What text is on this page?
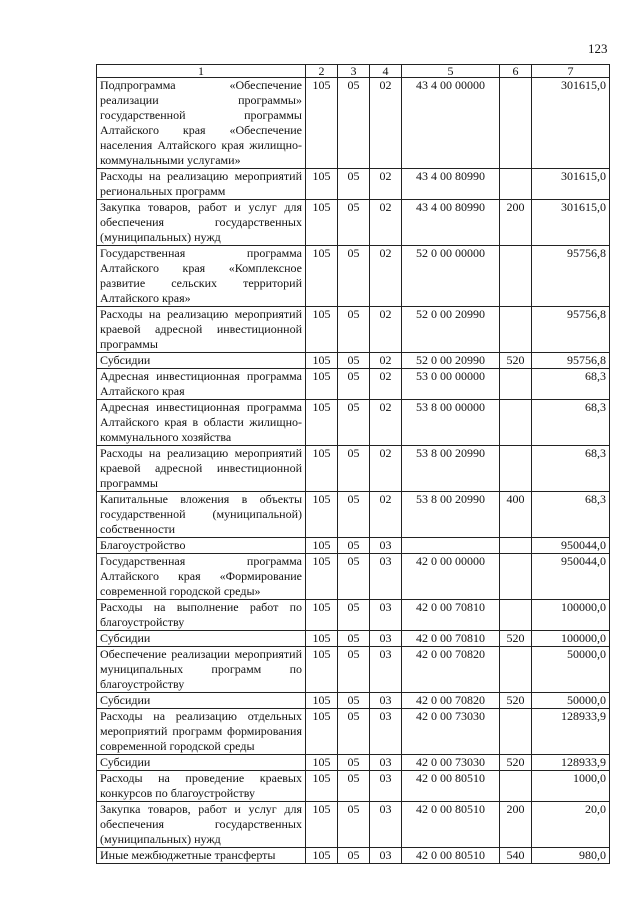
123
1	2	3	4	5	6	7
Подпрограмма «Обеспечение реализации программы» государственной программы Алтайского края «Обеспечение населения Алтайского края жилищно-коммунальными услугами»	105	05	02	43 4 00 00000		301615,0
Расходы на реализацию мероприятий региональных программ	105	05	02	43 4 00 80990		301615,0
Закупка товаров, работ и услуг для обеспечения государственных (муниципальных) нужд	105	05	02	43 4 00 80990	200	301615,0
Государственная программа Алтайского края «Комплексное развитие сельских территорий Алтайского края»	105	05	02	52 0 00 00000		95756,8
Расходы на реализацию мероприятий краевой адресной инвестиционной программы	105	05	02	52 0 00 20990		95756,8
Субсидии	105	05	02	52 0 00 20990	520	95756,8
Адресная инвестиционная программа Алтайского края	105	05	02	53 0 00 00000		68,3
Адресная инвестиционная программа Алтайского края в области жилищно-коммунального хозяйства	105	05	02	53 8 00 00000		68,3
Расходы на реализацию мероприятий краевой адресной инвестиционной программы	105	05	02	53 8 00 20990		68,3
Капитальные вложения в объекты государственной (муниципальной) собственности	105	05	02	53 8 00 20990	400	68,3
Благоустройство	105	05	03			950044,0
Государственная программа Алтайского края «Формирование современной городской среды»	105	05	03	42 0 00 00000		950044,0
Расходы на выполнение работ по благоустройству	105	05	03	42 0 00 70810		100000,0
Субсидии	105	05	03	42 0 00 70810	520	100000,0
Обеспечение реализации мероприятий муниципальных программ по благоустройству	105	05	03	42 0 00 70820		50000,0
Субсидии	105	05	03	42 0 00 70820	520	50000,0
Расходы на реализацию отдельных мероприятий программ формирования современной городской среды	105	05	03	42 0 00 73030		128933,9
Субсидии	105	05	03	42 0 00 73030	520	128933,9
Расходы на проведение краевых конкурсов по благоустройству	105	05	03	42 0 00 80510		1000,0
Закупка товаров, работ и услуг для обеспечения государственных (муниципальных) нужд	105	05	03	42 0 00 80510	200	20,0
Иные межбюджетные трансферты	105	05	03	42 0 00 80510	540	980,0
